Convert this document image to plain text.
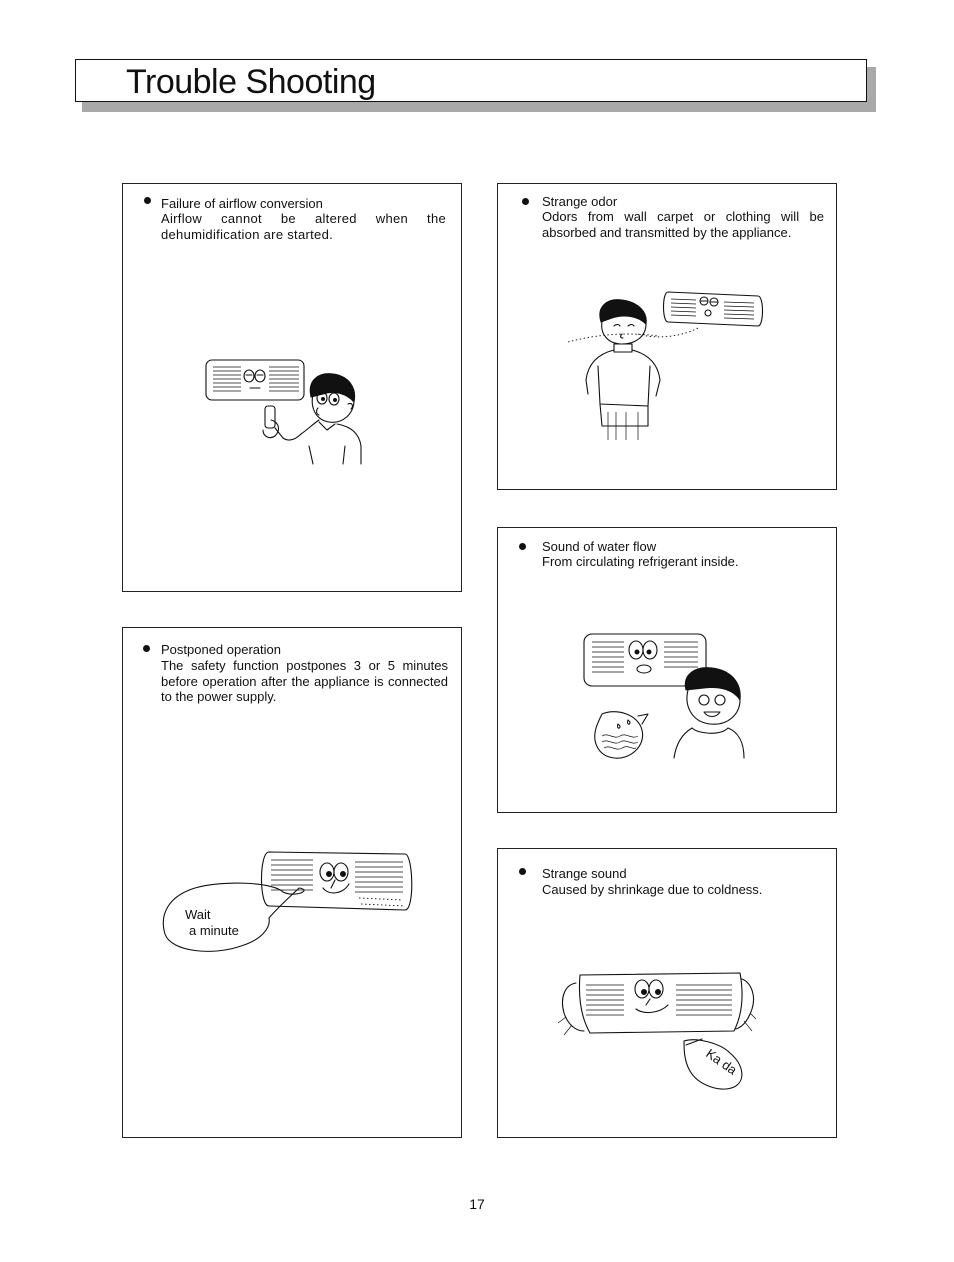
Trouble Shooting
Failure of airflow conversion
Airflow cannot be altered when the dehumidification are started.
Strange odor
Odors from wall carpet or clothing will be absorbed and transmitted by the appliance.
Sound of water flow
From circulating refrigerant inside.
Postponed operation
The safety function postpones 3 or 5 minutes before operation after the appliance is connected to the power supply.
Wait
a minute
Strange sound
Caused by shrinkage due to coldness.
Ka da
17
